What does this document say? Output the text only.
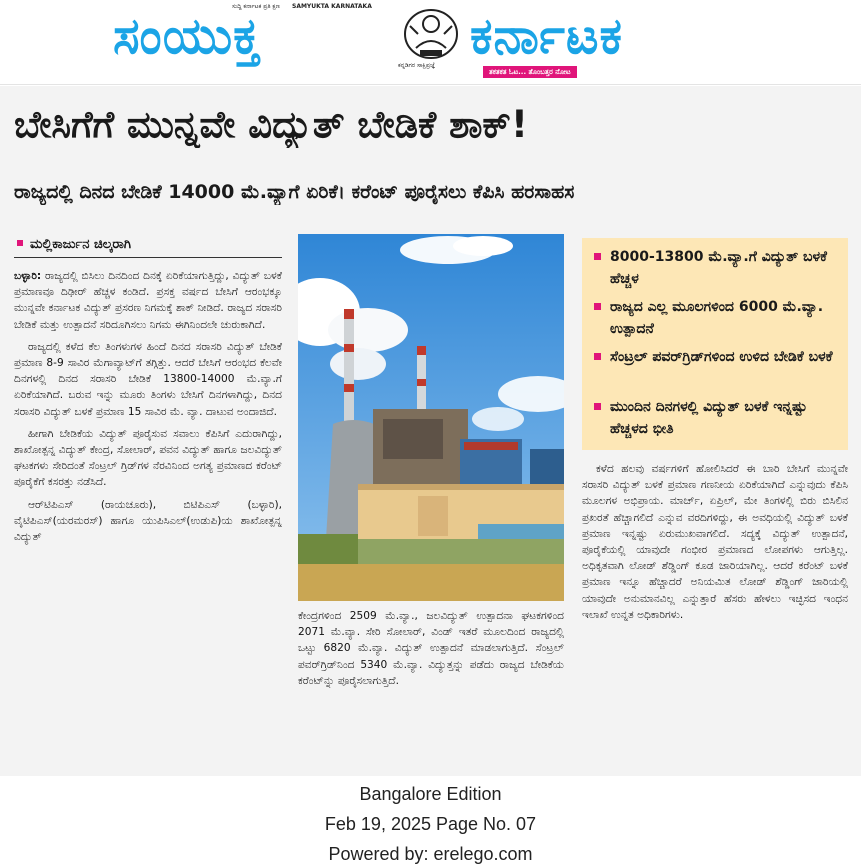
ಸುದ್ದಿ ಕರ್ನಾಟಕ ಪ್ರತಿ ಕ್ಷಣ SAMYUKTA KARNATAKA
ಸಂಯುಕ್ತ	ಕರ್ನಾಟಕ
ಕನ್ನಡಿಗರ ಸಾಕ್ಷಿಪ್ರಜ್ಞೆ
ತಕತಕತ ಓಟ... ತೊಂಬತ್ತರ ನೋಟ
ಬೇಸಿಗೆಗೆ ಮುನ್ನವೇ ವಿದ್ಯುತ್ ಬೇಡಿಕೆ ಶಾಕ್!
ರಾಜ್ಯದಲ್ಲಿ ದಿನದ ಬೇಡಿಕೆ 14000 ಮೆ.ವ್ಯಾಗೆ ಏರಿಕೆ। ಕರೆಂಟ್ ಪೂರೈಸಲು ಕೆಪಿಸಿ ಹರಸಾಹಸ
ಮಲ್ಲಿಕಾರ್ಜುನ ಚಿಲ್ಕರಾಗಿ

ಬಳ್ಳಾರಿ: ರಾಜ್ಯದಲ್ಲಿ ಬಿಸಿಲು ದಿನದಿಂದ ದಿನಕ್ಕೆ ಏರಿಕೆಯಾಗುತ್ತಿದ್ದು, ವಿದ್ಯುತ್ ಬಳಕೆ ಪ್ರಮಾಣವೂ ದಿಢೀರ್ ಹೆಚ್ಚಳ ಕಂಡಿದೆ. ಪ್ರಸಕ್ತ ವರ್ಷದ ಬೇಸಿಗೆ ಆರಂಭಕ್ಕೂ ಮುನ್ನವೇ ಕರ್ನಾಟಕ ವಿದ್ಯುತ್ ಪ್ರಸರಣ ನಿಗಮಕ್ಕೆ ಶಾಕ್ ನೀಡಿದೆ. ರಾಜ್ಯದ ಸರಾಸರಿ ಬೇಡಿಕೆ ಮತ್ತು ಉತ್ಪಾದನೆ ಸರಿದೂಗಿಸಲು ನಿಗಮ ಈಗಿನಿಂದಲೇ ಚುರುಕಾಗಿದೆ.

ರಾಜ್ಯದಲ್ಲಿ ಕಳೆದ ಕೆಲ ತಿಂಗಳುಗಳ ಹಿಂದೆ ದಿನದ ಸರಾಸರಿ ವಿದ್ಯುತ್ ಬೇಡಿಕೆ ಪ್ರಮಾಣ 8-9 ಸಾವಿರ ಮೆಗಾವ್ಯಾಟ್‌ಗೆ ತಗ್ಗಿತ್ತು. ಆದರೆ ಬೇಸಿಗೆ ಆರಂಭದ ಕೆಲವೇ ದಿನಗಳಲ್ಲಿ ದಿನದ ಸರಾಸರಿ ಬೇಡಿಕೆ 13800-14000 ಮೆ.ವ್ಯಾ.ಗೆ ಏರಿಕೆಯಾಗಿದೆ. ಬರುವ ಇನ್ನು ಮೂರು ತಿಂಗಳು ಬೇಸಿಗೆ ದಿನಗಳಾಗಿದ್ದು, ದಿನದ ಸರಾಸರಿ ವಿದ್ಯುತ್ ಬಳಕೆ ಪ್ರಮಾಣ 15 ಸಾವಿರ ಮೆ. ವ್ಯಾ. ದಾಟುವ ಅಂದಾಜಿದೆ.

ಹೀಗಾಗಿ ಬೇಡಿಕೆಯ ವಿದ್ಯುತ್ ಪೂರೈಸುವ ಸವಾಲು ಕೆಪಿಸಿಗೆ ಎದುರಾಗಿದ್ದು, ಶಾಖೋತ್ಪನ್ನ ವಿದ್ಯುತ್ ಕೇಂದ್ರ, ಸೋಲಾರ್, ಪವನ ವಿದ್ಯುತ್ ಹಾಗೂ ಜಲವಿದ್ಯುತ್ ಘಟಕಗಳು ಸೇರಿದಂತೆ ಸೆಂಟ್ರಲ್ ಗ್ರಿಡ್‌ಗಳ ನೆರವಿನಿಂದ ಅಗತ್ಯ ಪ್ರಮಾಣದ ಕರೆಂಟ್ ಪೂರೈಕೆಗೆ ಕಸರತ್ತು ನಡೆಸಿದೆ.

ಆರ್‌ಟಿಪಿಎಸ್ (ರಾಯಚೂರು), ಬಿಟಿಪಿಎಸ್ (ಬಳ್ಳಾರಿ), ವೈಟಿಪಿಎಸ್(ಯರಮರಸ್) ಹಾಗೂ ಯುಪಿಸಿಎಲ್(ಉಡುಪಿ)ಯ ಶಾಖೋತ್ಪನ್ನ ವಿದ್ಯುತ್

ಕೇಂದ್ರಗಳಿಂದ 2509 ಮೆ.ವ್ಯಾ., ಜಲವಿದ್ಯುತ್ ಉತ್ಪಾದನಾ ಘಟಕಗಳಿಂದ 2071 ಮೆ.ವ್ಯಾ. ಸೇರಿ ಸೋಲಾರ್, ವಿಂಡ್ ಇತರೆ ಮೂಲದಿಂದ ರಾಜ್ಯದಲ್ಲಿ ಒಟ್ಟು 6820 ಮೆ.ವ್ಯಾ. ವಿದ್ಯುತ್ ಉತ್ಪಾದನೆ ಮಾಡಲಾಗುತ್ತಿದೆ. ಸೆಂಟ್ರಲ್ ಪವರ್‌ಗ್ರಿಡ್‌ನಿಂದ 5340 ಮೆ.ವ್ಯಾ. ವಿದ್ಯುತ್ತನ್ನು ಪಡೆದು ರಾಜ್ಯದ ಬೇಡಿಕೆಯ ಕರೆಂಟ್‌ನ್ನು ಪೂರೈಸಲಾಗುತ್ತಿದೆ.

8000-13800 ಮೆ.ವ್ಯಾ.ಗೆ ವಿದ್ಯುತ್ ಬಳಕೆ ಹೆಚ್ಚಳ
ರಾಜ್ಯದ ಎಲ್ಲ ಮೂಲಗಳಿಂದ 6000 ಮೆ.ವ್ಯಾ. ಉತ್ಪಾದನೆ
ಸೆಂಟ್ರಲ್ ಪವರ್‌ಗ್ರಿಡ್‌ಗಳಿಂದ ಉಳಿದ ಬೇಡಿಕೆ ಬಳಕೆ
ಮುಂದಿನ ದಿನಗಳಲ್ಲಿ ವಿದ್ಯುತ್ ಬಳಕೆ ಇನ್ನಷ್ಟು ಹೆಚ್ಚಳದ ಭೀತಿ

ಕಳೆದ ಹಲವು ವರ್ಷಗಳಿಗೆ ಹೋಲಿಸಿದರೆ ಈ ಬಾರಿ ಬೇಸಿಗೆ ಮುನ್ನವೇ ಸರಾಸರಿ ವಿದ್ಯುತ್ ಬಳಕೆ ಪ್ರಮಾಣ ಗಣನೀಯ ಏರಿಕೆಯಾಗಿದೆ ಎನ್ನುವುದು ಕೆಪಿಸಿ ಮೂಲಗಳ ಅಭಿಪ್ರಾಯ. ಮಾರ್ಚ್, ಏಪ್ರಿಲ್, ಮೇ ತಿಂಗಳಲ್ಲಿ ಬಿರು ಬಿಸಿಲಿನ ಪ್ರಖರತೆ ಹೆಚ್ಚಾಗಲಿದೆ ಎನ್ನುವ ವರದಿಗಳಿದ್ದು, ಈ ಅವಧಿಯಲ್ಲಿ ವಿದ್ಯುತ್ ಬಳಕೆ ಪ್ರಮಾಣ ಇನ್ನಷ್ಟು ಏರುಮುಖವಾಗಲಿದೆ. ಸದ್ಯಕ್ಕೆ ವಿದ್ಯುತ್ ಉತ್ಪಾದನೆ, ಪೂರೈಕೆಯಲ್ಲಿ ಯಾವುದೇ ಗಂಭೀರ ಪ್ರಮಾಣದ ಲೋಪಗಳು ಆಗುತ್ತಿಲ್ಲ. ಅಧಿಕೃತವಾಗಿ ಲೋಡ್ ಶೆಡ್ಡಿಂಗ್ ಕೂಡ ಜಾರಿಯಾಗಿಲ್ಲ. ಆದರೆ ಕರೆಂಟ್ ಬಳಕೆ ಪ್ರಮಾಣ ಇನ್ನೂ ಹೆಚ್ಚಾದರೆ ಅನಿಯಮಿತ ಲೋಡ್ ಶೆಡ್ಡಿಂಗ್ ಜಾರಿಯಲ್ಲಿ ಯಾವುದೇ ಅನುಮಾನವಿಲ್ಲ ಎನ್ನುತ್ತಾರೆ ಹೆಸರು ಹೇಳಲು ಇಚ್ಛಿಸದ ಇಂಧನ ಇಲಾಖೆ ಉನ್ನತ ಅಧಿಕಾರಿಗಳು.

Bangalore Edition
Feb 19, 2025 Page No. 07
Powered by: erelego.com
